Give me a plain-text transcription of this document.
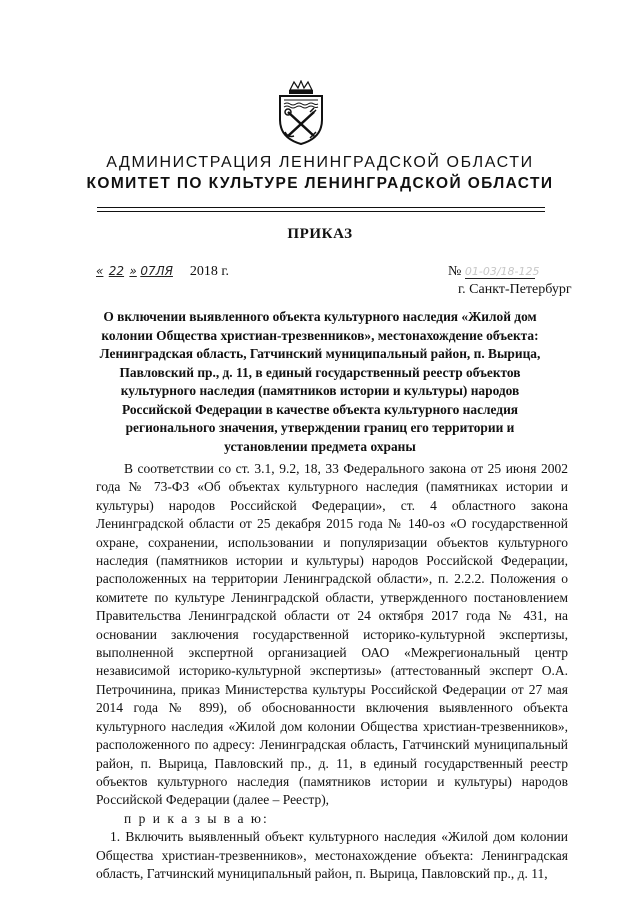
АДМИНИСТРАЦИЯ ЛЕНИНГРАДСКОЙ ОБЛАСТИ
КОМИТЕТ ПО КУЛЬТУРЕ ЛЕНИНГРАДСКОЙ ОБЛАСТИ
ПРИКАЗ
« 22 » 07ЛЯ 2018 г.	№ 01-03/18-125
г. Санкт-Петербург
О включении выявленного объекта культурного наследия «Жилой дом колонии Общества христиан-трезвенников», местонахождение объекта: Ленинградская область, Гатчинский муниципальный район, п. Вырица, Павловский пр., д. 11, в единый государственный реестр объектов культурного наследия (памятников истории и культуры) народов Российской Федерации в качестве объекта культурного наследия регионального значения, утверждении границ его территории и установлении предмета охраны

В соответствии со ст. 3.1, 9.2, 18, 33 Федерального закона от 25 июня 2002 года № 73-ФЗ «Об объектах культурного наследия (памятниках истории и культуры) народов Российской Федерации», ст. 4 областного закона Ленинградской области от 25 декабря 2015 года № 140-оз «О государственной охране, сохранении, использовании и популяризации объектов культурного наследия (памятников истории и культуры) народов Российской Федерации, расположенных на территории Ленинградской области», п. 2.2.2. Положения о комитете по культуре Ленинградской области, утвержденного постановлением Правительства Ленинградской области от 24 октября 2017 года № 431, на основании заключения государственной историко-культурной экспертизы, выполненной экспертной организацией ОАО «Межрегиональный центр независимой историко-культурной экспертизы» (аттестованный эксперт О.А. Петрочинина, приказ Министерства культуры Российской Федерации от 27 мая 2014 года № 899), об обоснованности включения выявленного объекта культурного наследия «Жилой дом колонии Общества христиан-трезвенников», расположенного по адресу: Ленинградская область, Гатчинский муниципальный район, п. Вырица, Павловский пр., д. 11, в единый государственный реестр объектов культурного наследия (памятников истории и культуры) народов Российской Федерации (далее – Реестр),

п р и к а з ы в а ю:

1. Включить выявленный объект культурного наследия «Жилой дом колонии Общества христиан-трезвенников», местонахождение объекта: Ленинградская область, Гатчинский муниципальный район, п. Вырица, Павловский пр., д. 11,
